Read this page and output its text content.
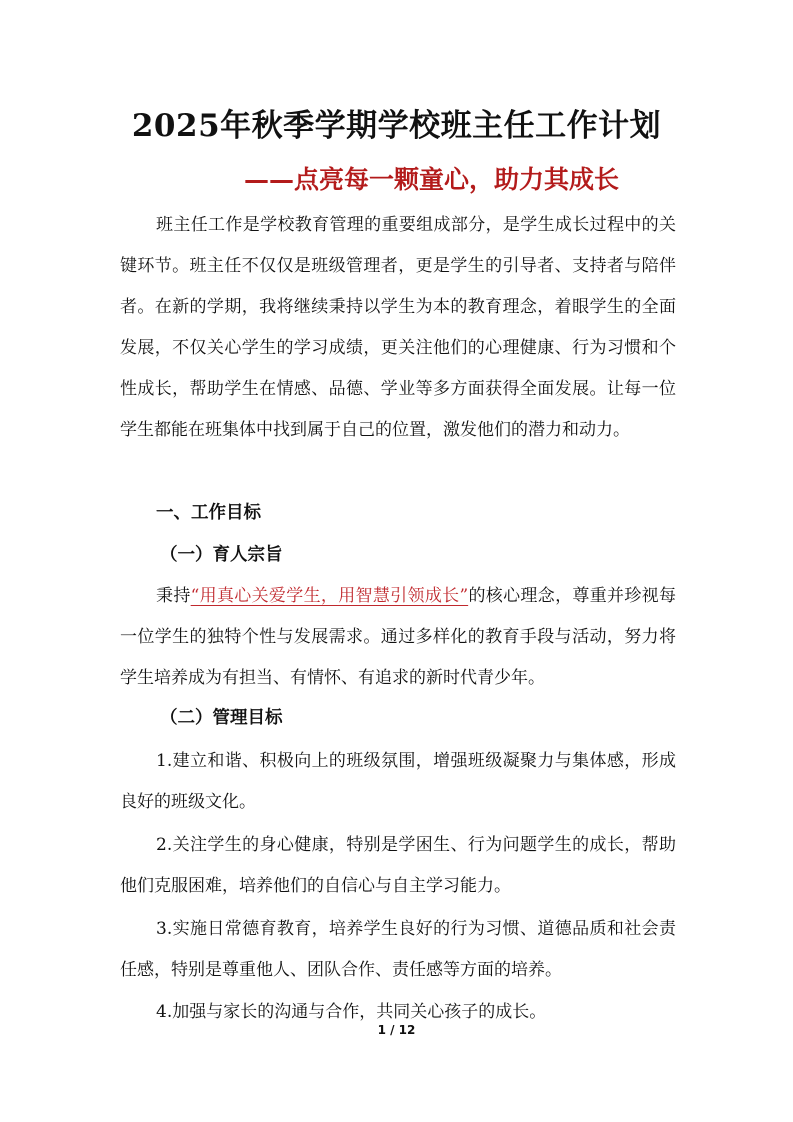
2025年秋季学期学校班主任工作计划
——点亮每一颗童心，助力其成长
班主任工作是学校教育管理的重要组成部分，是学生成长过程中的关键环节。班主任不仅仅是班级管理者，更是学生的引导者、支持者与陪伴者。在新的学期，我将继续秉持以学生为本的教育理念，着眼学生的全面发展，不仅关心学生的学习成绩，更关注他们的心理健康、行为习惯和个性成长，帮助学生在情感、品德、学业等多方面获得全面发展。让每一位学生都能在班集体中找到属于自己的位置，激发他们的潜力和动力。
一、工作目标
（一）育人宗旨
秉持“用真心关爱学生，用智慧引领成长”的核心理念，尊重并珍视每一位学生的独特个性与发展需求。通过多样化的教育手段与活动，努力将学生培养成为有担当、有情怀、有追求的新时代青少年。
（二）管理目标
1.建立和谐、积极向上的班级氛围，增强班级凝聚力与集体感，形成良好的班级文化。
2.关注学生的身心健康，特别是学困生、行为问题学生的成长，帮助他们克服困难，培养他们的自信心与自主学习能力。
3.实施日常德育教育，培养学生良好的行为习惯、道德品质和社会责任感，特别是尊重他人、团队合作、责任感等方面的培养。
4.加强与家长的沟通与合作，共同关心孩子的成长。
1 / 12
